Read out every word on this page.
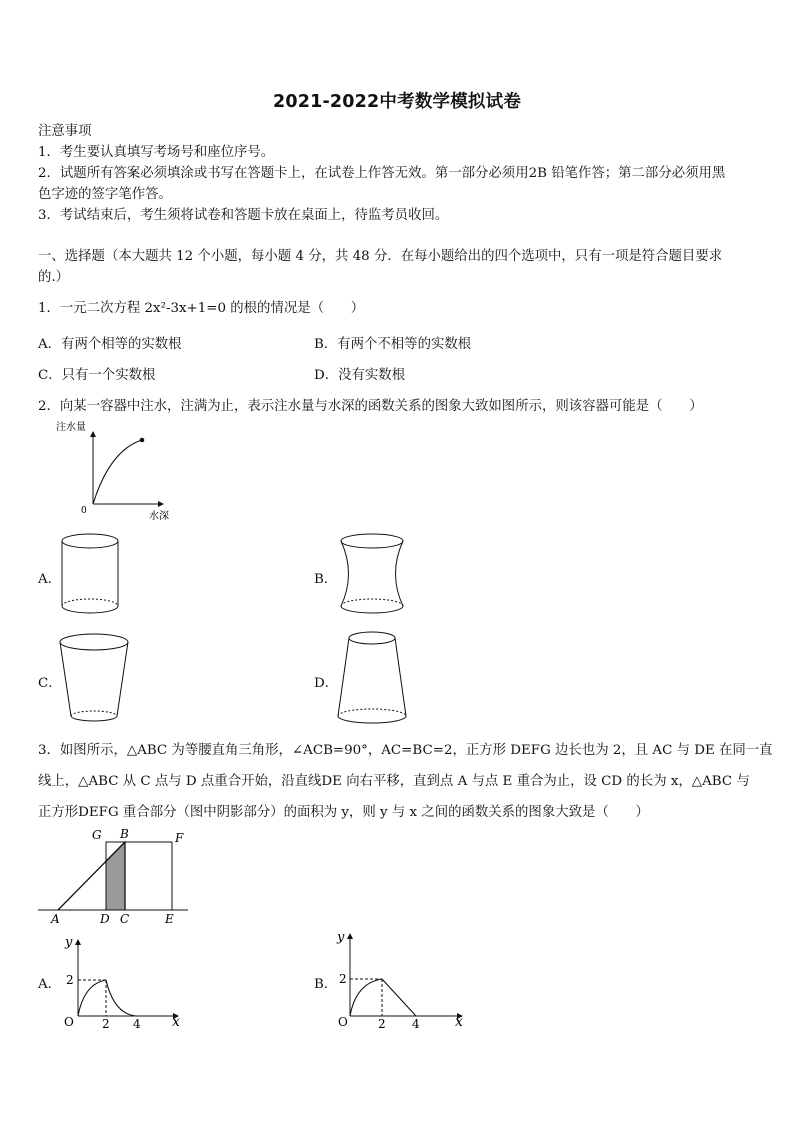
2021-2022中考数学模拟试卷
注意事项
1．考生要认真填写考场号和座位序号。
2．试题所有答案必须填涂或书写在答题卡上，在试卷上作答无效。第一部分必须用2B 铅笔作答；第二部分必须用黑
色字迹的签字笔作答。
3．考试结束后，考生须将试卷和答题卡放在桌面上，待监考员收回。
一、选择题（本大题共 12 个小题，每小题 4 分，共 48 分．在每小题给出的四个选项中，只有一项是符合题目要求
的.）
1．一元二次方程 2x²-3x+1=0 的根的情况是（　　）
A．有两个相等的实数根	B．有两个不相等的实数根
C．只有一个实数根	D．没有实数根
2．向某一容器中注水，注满为止，表示注水量与水深的函数关系的图象大致如图所示，则该容器可能是（　　）
注水量
0	水深
A．	B．
C．	D．
3．如图所示，△ABC 为等腰直角三角形，∠ACB=90°，AC=BC=2，正方形 DEFG 边长也为 2，且 AC 与 DE 在同一直
线上，△ABC 从 C 点与 D 点重合开始，沿直线DE 向右平移，直到点 A 与点 E 重合为止，设 CD 的长为 x，△ABC 与
正方形DEFG 重合部分（图中阴影部分）的面积为 y，则 y 与 x 之间的函数关系的图象大致是（　　）
G B	F
A	D C	E
A．
y
2
O 2 4 x
B．
y
2
O	2 4	x
